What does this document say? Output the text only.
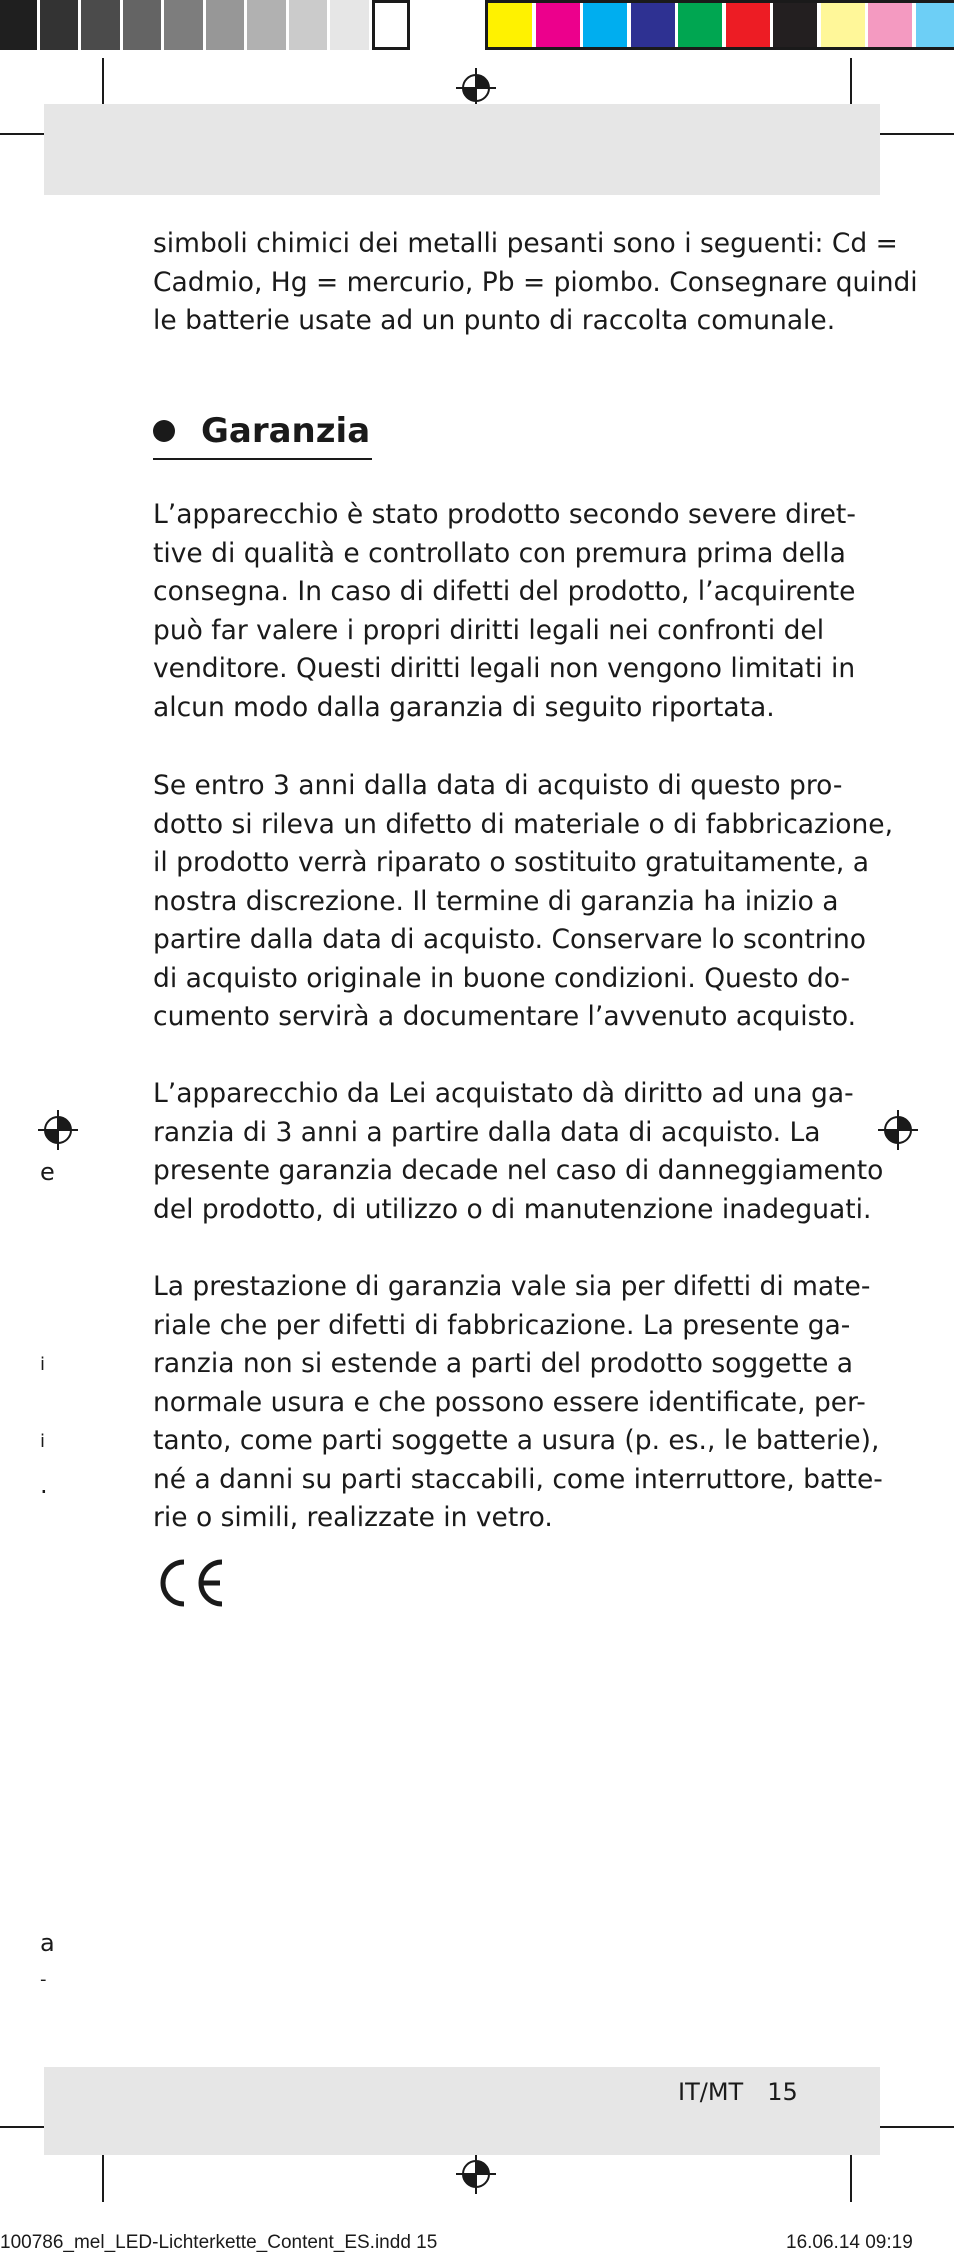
simboli chimici dei metalli pesanti sono i seguenti: Cd =
Cadmio, Hg = mercurio, Pb = piombo. Consegnare quindi
le batterie usate ad un punto di raccolta comunale.
Garanzia
L’apparecchio è stato prodotto secondo severe diret-
tive di qualità e controllato con premura prima della
consegna. In caso di difetti del prodotto, l’acquirente
può far valere i propri diritti legali nei confronti del
venditore. Questi diritti legali non vengono limitati in
alcun modo dalla garanzia di seguito riportata.
Se entro 3 anni dalla data di acquisto di questo pro-
dotto si rileva un difetto di materiale o di fabbricazione,
il prodotto verrà riparato o sostituito gratuitamente, a
nostra discrezione. Il termine di garanzia ha inizio a
partire dalla data di acquisto. Conservare lo scontrino
di acquisto originale in buone condizioni. Questo do-
cumento servirà a documentare l’avvenuto acquisto.
L’apparecchio da Lei acquistato dà diritto ad una ga-
ranzia di 3 anni a partire dalla data di acquisto. La
presente garanzia decade nel caso di danneggiamento
del prodotto, di utilizzo o di manutenzione inadeguati.
La prestazione di garanzia vale sia per difetti di mate-
riale che per difetti di fabbricazione. La presente ga-
ranzia non si estende a parti del prodotto soggette a
normale usura e che possono essere identificate, per-
tanto, come parti soggette a usura (p. es., le batterie),
né a danni su parti staccabili, come interruttore, batte-
rie o simili, realizzate in vetro.
e
i
i
.
a
-
IT/MT 15
100786_mel_LED-Lichterkette_Content_ES.indd 15	16.06.14 09:19
